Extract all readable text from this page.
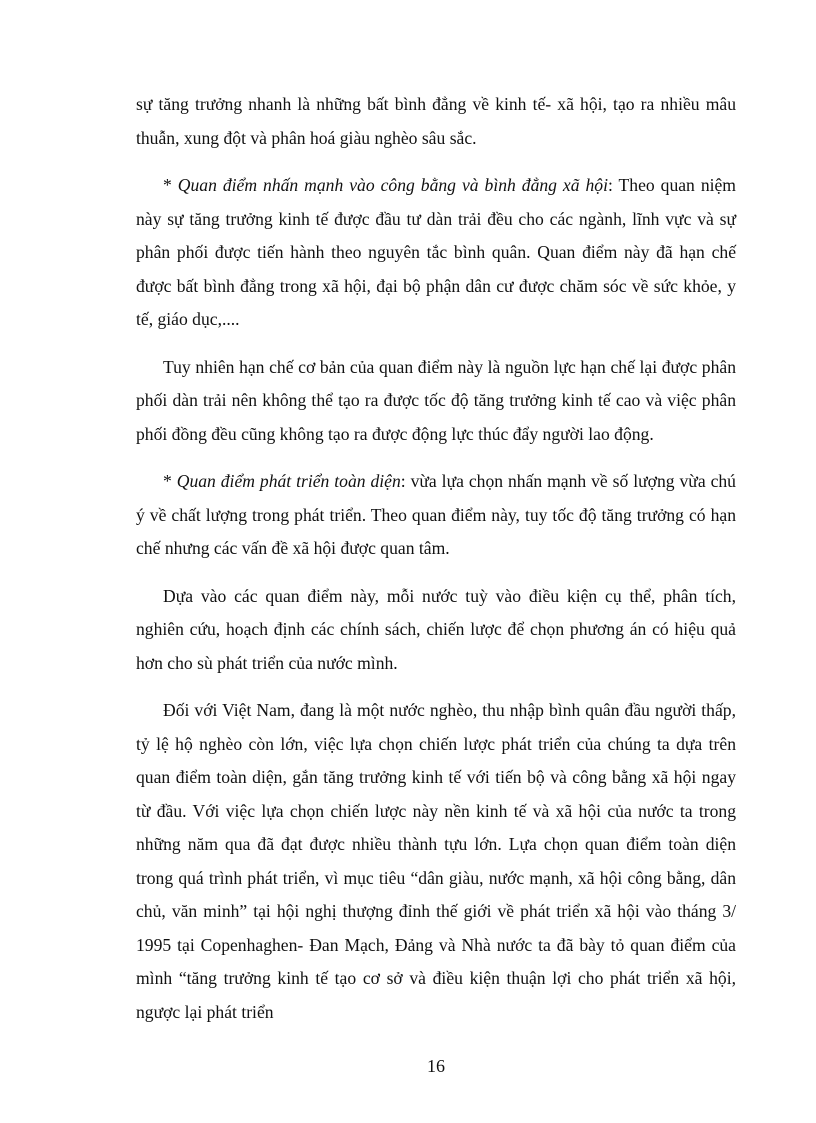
sự tăng trưởng nhanh là những bất bình đẳng về kinh tế- xã hội, tạo ra nhiều mâu thuẫn, xung đột và phân hoá giàu nghèo sâu sắc.

* Quan điểm nhấn mạnh vào công bằng và bình đẳng xã hội: Theo quan niệm này sự tăng trưởng kinh tế được đầu tư dàn trải đều cho các ngành, lĩnh vực và sự phân phối được tiến hành theo nguyên tắc bình quân. Quan điểm này đã hạn chế được bất bình đẳng trong xã hội, đại bộ phận dân cư được chăm sóc về sức khỏe, y tế, giáo dục,....

Tuy nhiên hạn chế cơ bản của quan điểm này là nguồn lực hạn chế lại được phân phối dàn trải nên không thể tạo ra được tốc độ tăng trưởng kinh tế cao và việc phân phối đồng đều cũng không tạo ra được động lực thúc đẩy người lao động.

* Quan điểm phát triển toàn diện: vừa lựa chọn nhấn mạnh về số lượng vừa chú ý về chất lượng trong phát triển. Theo quan điểm này, tuy tốc độ tăng trưởng có hạn chế nhưng các vấn đề xã hội được quan tâm.

Dựa vào các quan điểm này, mỗi nước tuỳ vào điều kiện cụ thể, phân tích, nghiên cứu, hoạch định các chính sách, chiến lược để chọn phương án có hiệu quả hơn cho sù phát triển của nước mình.

Đối với Việt Nam, đang là một nước nghèo, thu nhập bình quân đầu người thấp, tỷ lệ hộ nghèo còn lớn, việc lựa chọn chiến lược phát triển của chúng ta dựa trên quan điểm toàn diện, gắn tăng trưởng kinh tế với tiến bộ và công bằng xã hội ngay từ đầu. Với việc lựa chọn chiến lược này nền kinh tế và xã hội của nước ta trong những năm qua đã đạt được nhiều thành tựu lớn. Lựa chọn quan điểm toàn diện trong quá trình phát triển, vì mục tiêu “dân giàu, nước mạnh, xã hội công bằng, dân chủ, văn minh” tại hội nghị thượng đỉnh thế giới về phát triển xã hội vào tháng 3/ 1995 tại Copenhaghen- Đan Mạch, Đảng và Nhà nước ta đã bày tỏ quan điểm của mình “tăng trưởng kinh tế tạo cơ sở và điều kiện thuận lợi cho phát triển xã hội, ngược lại phát triển

16
